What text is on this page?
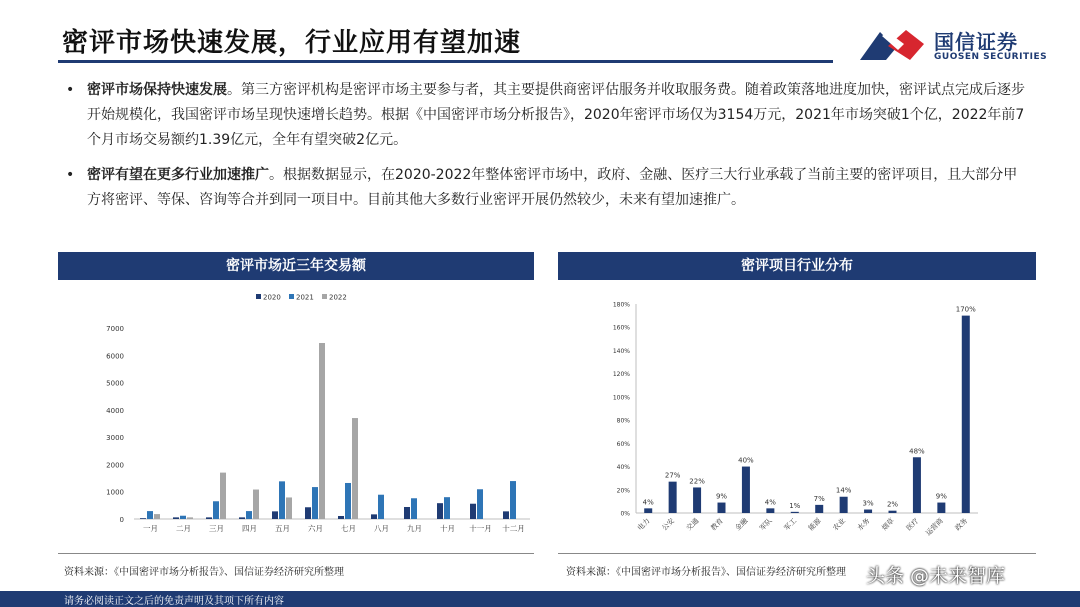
密评市场快速发展，行业应用有望加速	国信证券
GUOSEN SECURITIES
• 密评市场保持快速发展。第三方密评机构是密评市场主要参与者，其主要提供商密评估服务并收取服务费。随着政策落地进度加快，密评试点完成后逐步开始规模化，我国密评市场呈现快速增长趋势。根据《中国密评市场分析报告》，2020年密评市场仅为3154万元，2021年市场突破1个亿，2022年前7个月市场交易额约1.39亿元，全年有望突破2亿元。
• 密评有望在更多行业加速推广。根据数据显示，在2020-2022年整体密评市场中，政府、金融、医疗三大行业承载了当前主要的密评项目，且大部分甲方将密评、等保、咨询等合并到同一项目中。目前其他大多数行业密评开展仍然较少，未来有望加速推广。
密评市场近三年交易额
2020 2021 2022
0
1000
2000
3000
4000
5000
6000
7000
一月 二月 三月 四月 五月 六月 七月 八月 九月 十月 十一月 十二月
资料来源：《中国密评市场分析报告》、国信证券经济研究所整理
密评项目行业分布
0%
20%
40%
60%
80%
100%
120%
140%
160%
180%
4%
电力
27%
公安
22%
交通
9%
教育
40%
金融
4%
军队
1%
军工
7%
能源
14%
农业
3%
水务
2%
烟草
48%
医疗
9%
运营商
170%
政务
资料来源：《中国密评市场分析报告》、国信证券经济研究所整理 头条 @未来智库
请务必阅读正文之后的免责声明及其项下所有内容
